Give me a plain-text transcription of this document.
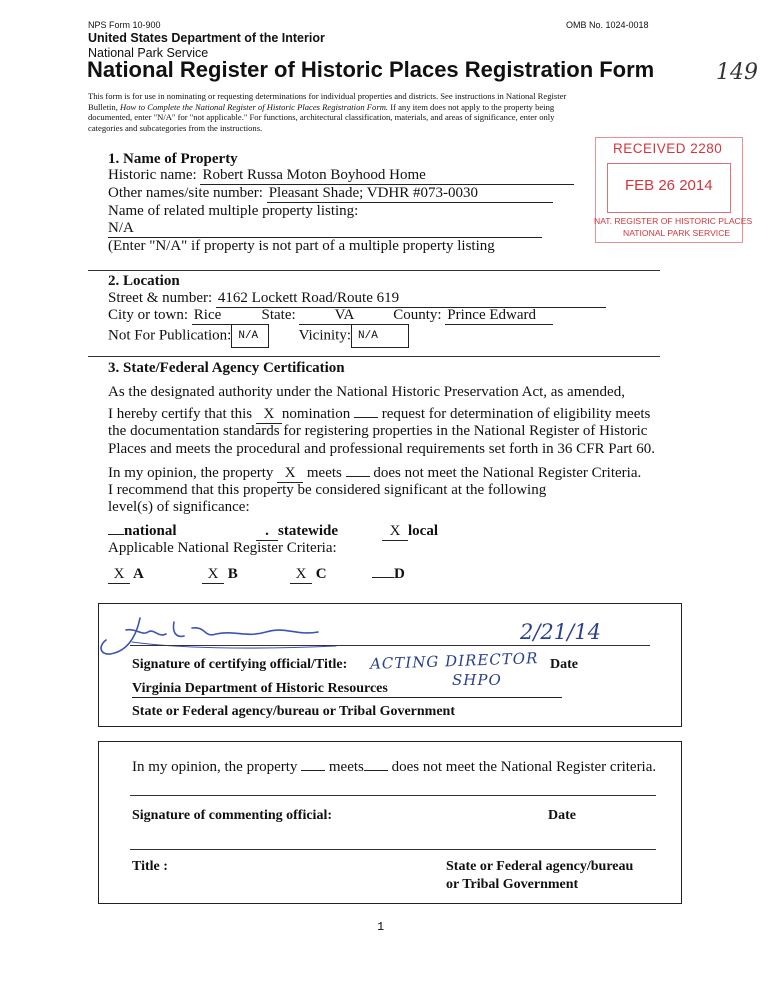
NPS Form 10-900	OMB No. 1024-0018
United States Department of the Interior
National Park Service
National Register of Historic Places Registration Form	149
This form is for use in nominating or requesting determinations for individual properties and districts. See instructions in National Register
Bulletin, How to Complete the National Register of Historic Places Registration Form. If any item does not apply to the property being
documented, enter "N/A" for "not applicable." For functions, architectural classification, materials, and areas of significance, enter only
categories and subcategories from the instructions.
RECEIVED 2280
FEB 26 2014
NAT. REGISTER OF HISTORIC PLACES
NATIONAL PARK SERVICE
1. Name of Property
Historic name: Robert Russa Moton Boyhood Home
Other names/site number: Pleasant Shade; VDHR #073-0030
Name of related multiple property listing:
N/A
(Enter "N/A" if property is not part of a multiple property listing
2. Location
Street & number: 4162 Lockett Road/Route 619
City or town: Rice	State:	VA	County: Prince Edward
Not For Publication: N/A	Vicinity: N/A
3. State/Federal Agency Certification
As the designated authority under the National Historic Preservation Act, as amended,
I hereby certify that this X nomination request for determination of eligibility meets
the documentation standards for registering properties in the National Register of Historic
Places and meets the procedural and professional requirements set forth in 36 CFR Part 60.
In my opinion, the property X meets does not meet the National Register Criteria.
I recommend that this property be considered significant at the following
level(s) of significance:
national	. statewide	X local
Applicable National Register Criteria:
X A	X B	X C	D
2/21/14
Signature of certifying official/Title: ACTING DIRECTOR Date
Virginia Department of Historic Resources	SHPO
State or Federal agency/bureau or Tribal Government
In my opinion, the property meets does not meet the National Register criteria.
Signature of commenting official:	Date
Title :	State or Federal agency/bureau
or Tribal Government
1
